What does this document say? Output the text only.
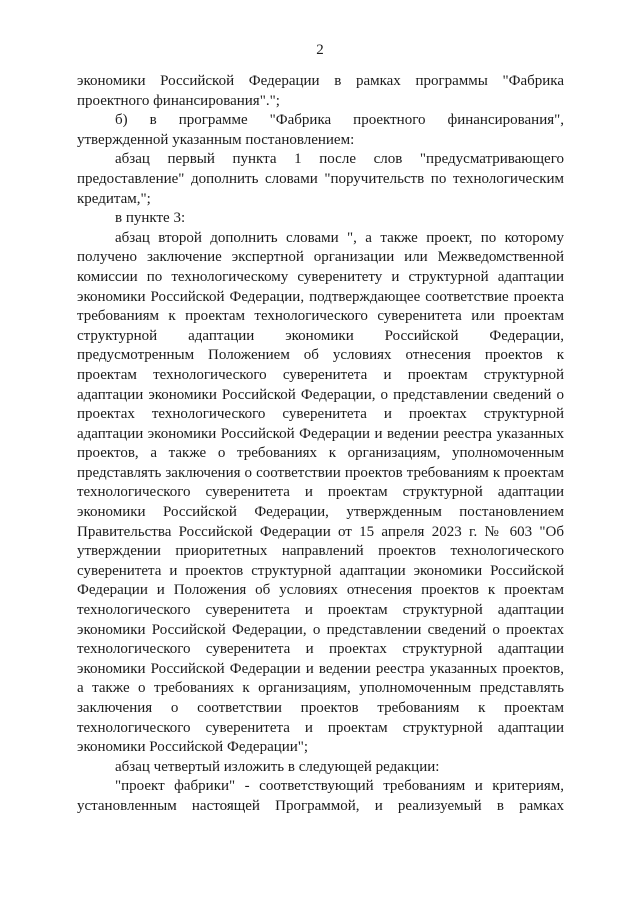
2

экономики Российской Федерации в рамках программы "Фабрика проектного финансирования".";

б) в программе "Фабрика проектного финансирования", утвержденной указанным постановлением:

абзац первый пункта 1 после слов "предусматривающего предоставление" дополнить словами "поручительств по технологическим кредитам,";

в пункте 3:

абзац второй дополнить словами ", а также проект, по которому получено заключение экспертной организации или Межведомственной комиссии по технологическому суверенитету и структурной адаптации экономики Российской Федерации, подтверждающее соответствие проекта требованиям к проектам технологического суверенитета или проектам структурной адаптации экономики Российской Федерации, предусмотренным Положением об условиях отнесения проектов к проектам технологического суверенитета и проектам структурной адаптации экономики Российской Федерации, о представлении сведений о проектах технологического суверенитета и проектах структурной адаптации экономики Российской Федерации и ведении реестра указанных проектов, а также о требованиях к организациям, уполномоченным представлять заключения о соответствии проектов требованиям к проектам технологического суверенитета и проектам структурной адаптации экономики Российской Федерации, утвержденным постановлением Правительства Российской Федерации от 15 апреля 2023 г. № 603 "Об утверждении приоритетных направлений проектов технологического суверенитета и проектов структурной адаптации экономики Российской Федерации и Положения об условиях отнесения проектов к проектам технологического суверенитета и проектам структурной адаптации экономики Российской Федерации, о представлении сведений о проектах технологического суверенитета и проектах структурной адаптации экономики Российской Федерации и ведении реестра указанных проектов, а также о требованиях к организациям, уполномоченным представлять заключения о соответствии проектов требованиям к проектам технологического суверенитета и проектам структурной адаптации экономики Российской Федерации";

абзац четвертый изложить в следующей редакции:

"проект фабрики" - соответствующий требованиям и критериям, установленным настоящей Программой, и реализуемый в рамках
